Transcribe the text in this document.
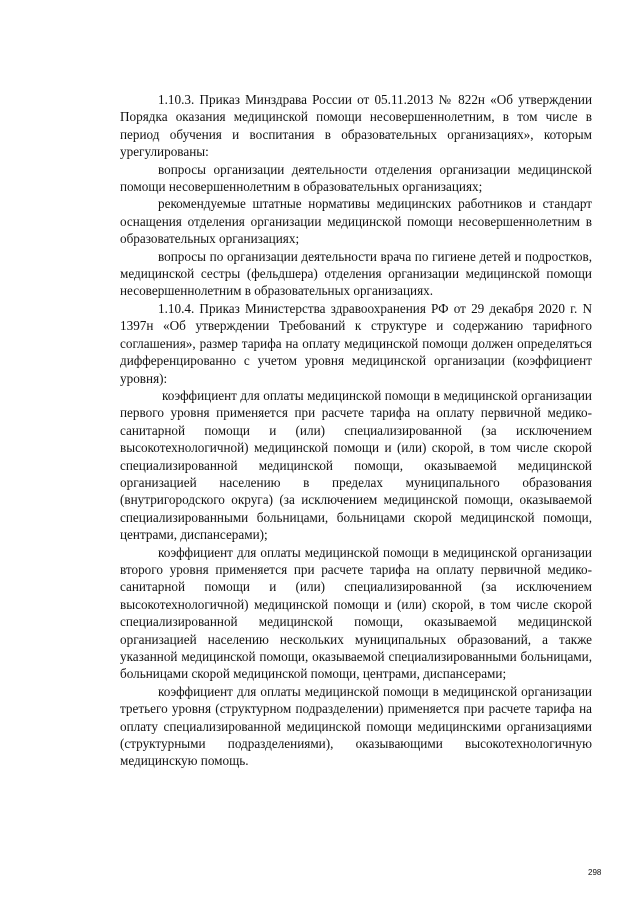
1.10.3. Приказ Минздрава России от 05.11.2013 № 822н «Об утверждении Порядка оказания медицинской помощи несовершеннолетним, в том числе в период обучения и воспитания в образовательных организациях», которым урегулированы:

вопросы организации деятельности отделения организации медицинской помощи несовершеннолетним в образовательных организациях;

рекомендуемые штатные нормативы медицинских работников и стандарт оснащения отделения организации медицинской помощи несовершеннолетним в образовательных организациях;

вопросы по организации деятельности врача по гигиене детей и подростков, медицинской сестры (фельдшера) отделения организации медицинской помощи несовершеннолетним в образовательных организациях.

1.10.4. Приказ Министерства здравоохранения РФ от 29 декабря 2020 г. N 1397н «Об утверждении Требований к структуре и содержанию тарифного соглашения», размер тарифа на оплату медицинской помощи должен определяться дифференцированно с учетом уровня медицинской организации (коэффициент уровня):

коэффициент для оплаты медицинской помощи в медицинской организации первого уровня применяется при расчете тарифа на оплату первичной медико-санитарной помощи и (или) специализированной (за исключением высокотехнологичной) медицинской помощи и (или) скорой, в том числе скорой специализированной медицинской помощи, оказываемой медицинской организацией населению в пределах муниципального образования (внутригородского округа) (за исключением медицинской помощи, оказываемой специализированными больницами, больницами скорой медицинской помощи, центрами, диспансерами);

коэффициент для оплаты медицинской помощи в медицинской организации второго уровня применяется при расчете тарифа на оплату первичной медико-санитарной помощи и (или) специализированной (за исключением высокотехнологичной) медицинской помощи и (или) скорой, в том числе скорой специализированной медицинской помощи, оказываемой медицинской организацией населению нескольких муниципальных образований, а также указанной медицинской помощи, оказываемой специализированными больницами, больницами скорой медицинской помощи, центрами, диспансерами;

коэффициент для оплаты медицинской помощи в медицинской организации третьего уровня (структурном подразделении) применяется при расчете тарифа на оплату специализированной медицинской помощи медицинскими организациями (структурными подразделениями), оказывающими высокотехнологичную медицинскую помощь.

298
